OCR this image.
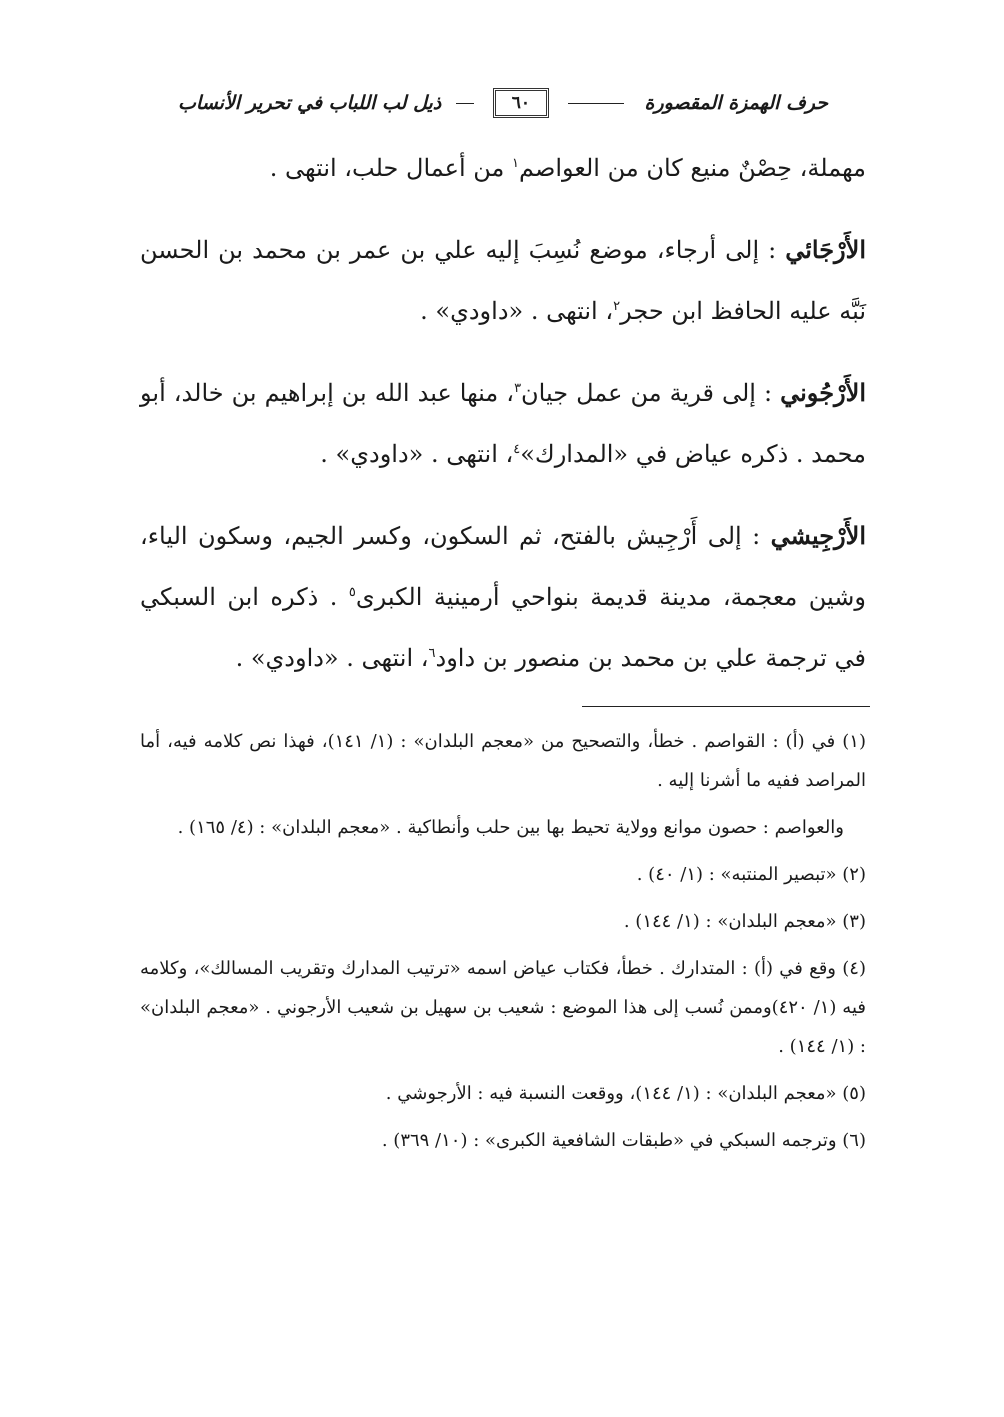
حرف الهمزة المقصورة
٦٠
ذيل لب اللباب في تحرير الأنساب

مهملة، حِصْنٌ منيع كان من العواصم$^١$ من أعمال حلب، انتهى .

الأَرْجَائي : إلى أرجاء، موضع نُسِبَ إليه علي بن عمر بن محمد بن الحسن نَبَّه عليه الحافظ ابن حجر$^٢$، انتهى . «داودي» .

الأَرْجُوني : إلى قرية من عمل جيان$^٣$، منها عبد الله بن إبراهيم بن خالد، أبو محمد . ذكره عياض في «المدارك»$^٤$، انتهى . «داودي» .

الأَرْجِيشي : إلى أَرْجِيش بالفتح، ثم السكون، وكسر الجيم، وسكون الياء، وشين معجمة، مدينة قديمة بنواحي أرمينية الكبرى$^٥$ . ذكره ابن السبكي في ترجمة علي بن محمد بن منصور بن داود$^٦$، انتهى . «داودي» .

(١) في (أ) : القواصم . خطأ، والتصحيح من «معجم البلدان» : (١/ ١٤١)، فهذا نص كلامه فيه، أما المراصد ففيه ما أشرنا إليه .

والعواصم : حصون موانع وولاية تحيط بها بين حلب وأنطاكية . «معجم البلدان» : (٤/ ١٦٥) .

(٢) «تبصير المنتبه» : (١/ ٤٠) .

(٣) «معجم البلدان» : (١/ ١٤٤) .

(٤) وقع في (أ) : المتدارك . خطأ، فكتاب عياض اسمه «ترتيب المدارك وتقريب المسالك»، وكلامه فيه (١/ ٤٢٠)وممن نُسب إلى هذا الموضع : شعيب بن سهيل بن شعيب الأرجوني . «معجم البلدان» : (١/ ١٤٤) .

(٥) «معجم البلدان» : (١/ ١٤٤)، ووقعت النسبة فيه : الأرجوشي .

(٦) وترجمه السبكي في «طبقات الشافعية الكبرى» : (١٠/ ٣٦٩) .
